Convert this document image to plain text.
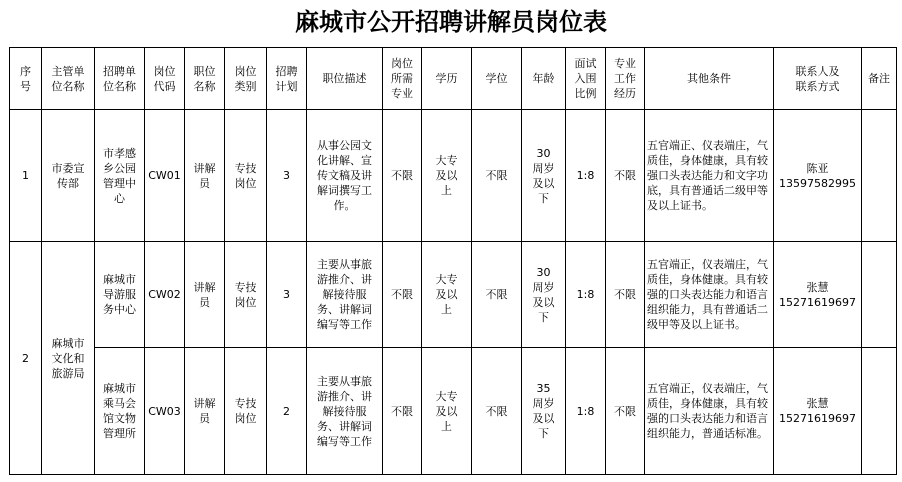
麻城市公开招聘讲解员岗位表
序号	主管单位名称	招聘单位名称	岗位代码	职位名称	岗位类别	招聘计划	职位描述	岗位所需专业	学历	学位	年龄	面试入围比例	专业工作经历	其他条件	联系人及联系方式	备注
1	市委宣传部	市孝感乡公园管理中心	CW01	讲解员	专技岗位	3	从事公园文化讲解、宣传文稿及讲解词撰写工作。	不限	大专及以上	不限	30周岁及以下	1:8	不限	五官端正、仪表端庄，气质佳，身体健康，具有较强口头表达能力和文字功底，具有普通话二级甲等及以上证书。	陈亚
13597582995	

2	麻城市文化和旅游局	麻城市导游服务中心	CW02	讲解员	专技岗位	3	主要从事旅游推介、讲解接待服务、讲解词编写等工作	不限	大专及以上	不限	30周岁及以下	1:8	不限	五官端正，仪表端庄，气质佳，身体健康。具有较强的口头表达能力和语言组织能力，具有普通话二级甲等及以上证书。	张慧
15271619697	

		麻城市乘马会馆文物管理所	CW03	讲解员	专技岗位	2	主要从事旅游推介、讲解接待服务、讲解词编写等工作	不限	大专及以上	不限	35周岁及以下	1:8	不限	五官端正，仪表端庄，气质佳，身体健康，具有较强的口头表达能力和语言组织能力，普通话标准。	张慧
15271619697	
